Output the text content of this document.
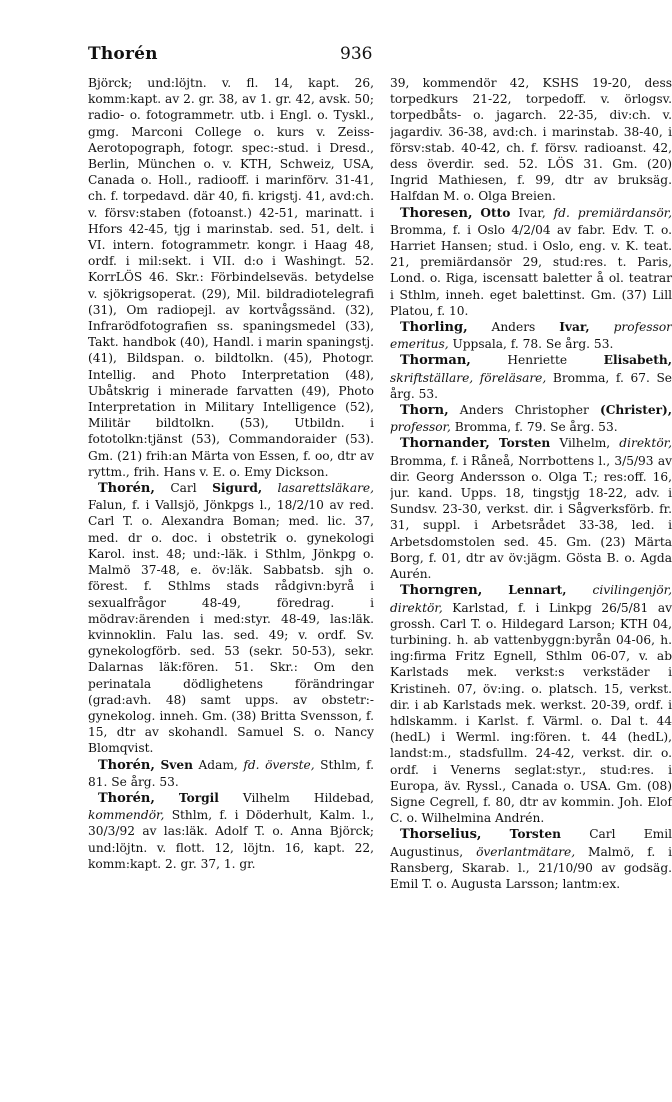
Thorén	936

Björck; und:löjtn. v. fl. 14, kapt. 26, komm:kapt. av 2. gr. 38, av 1. gr. 42, avsk. 50; radio- o. fotogrammetr. utb. i Engl. o. Tyskl., gmg. Marconi College o. kurs v. Zeiss-Aerotopograph, fotogr. spec:-stud. i Dresd., Berlin, München o. v. KTH, Schweiz, USA, Canada o. Holl., radiooff. i marinförv. 31-41, ch. f. torpedavd. där 40, fi. krigstj. 41, avd:ch. v. försv:staben (fotoanst.) 42-51, marinatt. i Hfors 42-45, tjg i marinstab. sed. 51, delt. i VI. intern. fotogrammetr. kongr. i Haag 48, ordf. i mil:sekt. i VII. d:o i Washingt. 52. KorrLÖS 46. Skr.: Förbindelseväs. betydelse v. sjökrigsoperat. (29), Mil. bildradiotelegrafi (31), Om radiopejl. av kortvågssänd. (32), Infrarödfotografien ss. spaningsmedel (33), Takt. handbok (40), Handl. i marin spaningstj. (41), Bildspan. o. bildtolkn. (45), Photogr. Intellig. and Photo Interpretation (48), Ubåtskrig i minerade farvatten (49), Photo Interpretation in Military Intelligence (52), Militär bildtolkn. (53), Utbildn. i fototolkn:tjänst (53), Commandoraider (53). Gm. (21) frih:an Märta von Essen, f. oo, dtr av ryttm., frih. Hans v. E. o. Emy Dickson.

Thorén, Carl Sigurd, lasarettsläkare, Falun, f. i Vallsjö, Jönkpgs l., 18/2/10 av red. Carl T. o. Alexandra Boman; med. lic. 37, med. dr o. doc. i obstetrik o. gynekologi Karol. inst. 48; und:-läk. i Sthlm, Jönkpg o. Malmö 37-48, e. öv:läk. Sabbatsb. sjh o. förest. f. Sthlms stads rådgivn:byrå i sexualfrågor 48-49, föredrag. i mödrav:ärenden i med:styr. 48-49, las:läk. kvinnoklin. Falu las. sed. 49; v. ordf. Sv. gynekologförb. sed. 53 (sekr. 50-53), sekr. Dalarnas läk:fören. 51. Skr.: Om den perinatala dödlighetens förändringar (grad:avh. 48) samt upps. av obstetr:-gynekolog. inneh. Gm. (38) Britta Svensson, f. 15, dtr av skohandl. Samuel S. o. Nancy Blomqvist.

Thorén, Sven Adam, fd. överste, Sthlm, f. 81. Se årg. 53.

Thorén, Torgil Vilhelm Hildebad, kommendör, Sthlm, f. i Döderhult, Kalm. l., 30/3/92 av las:läk. Adolf T. o. Anna Björck; und:löjtn. v. flott. 12, löjtn. 16, kapt. 22, komm:kapt. 2. gr. 37, 1. gr.

39, kommendör 42, KSHS 19-20, dess torpedkurs 21-22, torpedoff. v. örlogsv. torpedbåts- o. jagarch. 22-35, div:ch. v. jagardiv. 36-38, avd:ch. i marinstab. 38-40, i försv:stab. 40-42, ch. f. försv. radioanst. 42, dess överdir. sed. 52. LÖS 31. Gm. (20) Ingrid Mathiesen, f. 99, dtr av bruksäg. Halfdan M. o. Olga Breien.

Thoresen, Otto Ivar, fd. premiärdansör, Bromma, f. i Oslo 4/2/04 av fabr. Edv. T. o. Harriet Hansen; stud. i Oslo, eng. v. K. teat. 21, premiärdansör 29, stud:res. t. Paris, Lond. o. Riga, iscensatt baletter å ol. teatrar i Sthlm, inneh. eget balettinst. Gm. (37) Lill Platou, f. 10.

Thorling, Anders Ivar, professor emeritus, Uppsala, f. 78. Se årg. 53.

Thorman,	Henriette	Elisabeth, skriftställare, föreläsare, Bromma, f. 67. Se årg. 53.

Thorn, Anders Christopher (Christer), professor, Bromma, f. 79. Se årg. 53.

Thornander, Torsten Vilhelm, direktör, Bromma, f. i Råneå, Norrbottens l., 3/5/93 av dir. Georg Andersson o. Olga T.; res:off. 16, jur. kand. Upps. 18, tingstjg 18-22, adv. i Sundsv. 23-30, verkst. dir. i Sågverksförb. fr. 31, suppl. i Arbetsrådet 33-38, led. i Arbetsdomstolen sed. 45. Gm. (23) Märta Borg, f. 01, dtr av öv:jägm. Gösta B. o. Agda Aurén.

Thorngren, Lennart, civilingenjör, direktör, Karlstad, f. i Linkpg 26/5/81 av grossh. Carl T. o. Hildegard Larson; KTH 04, turbining. h. ab vattenbyggn:byrån 04-06, h. ing:firma Fritz Egnell, Sthlm 06-07, v. ab Karlstads mek. verkst:s verkstäder i Kristineh. 07, öv:ing. o. platsch. 15, verkst. dir. i ab Karlstads mek. werkst. 20-39, ordf. i hdlskamm. i Karlst. f. Värml. o. Dal t. 44 (hedL) i Werml. ing:fören. t. 44 (hedL), landst:m., stadsfullm. 24-42, verkst. dir. o. ordf. i Venerns seglat:styr., stud:res. i Europa, äv. Ryssl., Canada o. USA. Gm. (08) Signe Cegrell, f. 80, dtr av kommin. Joh. Elof C. o. Wilhelmina Andrén.

Thorselius, Torsten Carl Emil Augustinus, överlantmätare, Malmö, f. i Ransberg, Skarab. l., 21/10/90 av godsäg. Emil T. o. Augusta Larsson; lantm:ex.
